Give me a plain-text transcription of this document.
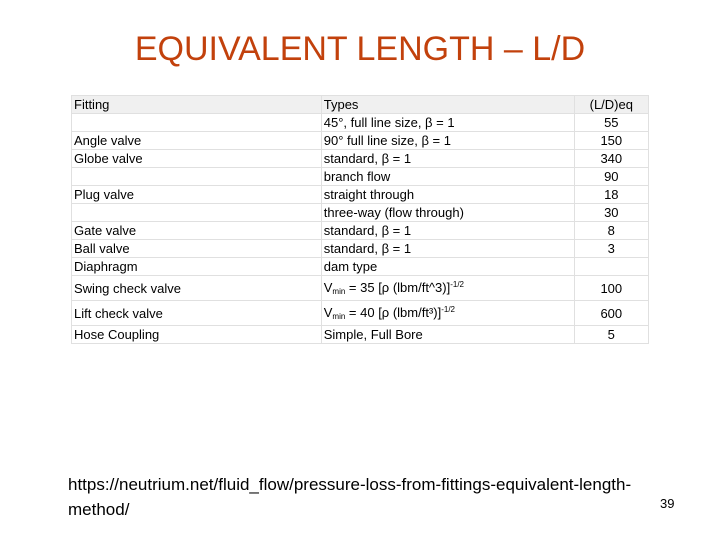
EQUIVALENT LENGTH – L/D
Fitting	Types	(L/D)eq
	45°, full line size, β = 1	55
Angle valve	90° full line size, β = 1	150
Globe valve	standard, β = 1	340
	branch flow	90
Plug valve	straight through	18
	three-way (flow through)	30
Gate valve	standard, β = 1	8
Ball valve	standard, β = 1	3
Diaphragm	dam type	
Swing check valve	$V_{min} = 35$ [ρ (lbm/ft^3)]$^{-1/2}$	100
Lift check valve	$V_{min} = 40$ [ρ (lbm/ft³)]$^{-1/2}$	600
Hose Coupling	Simple, Full Bore	5
https://neutrium.net/fluid_flow/pressure-loss-from-fittings-equivalent-length-method/	39
